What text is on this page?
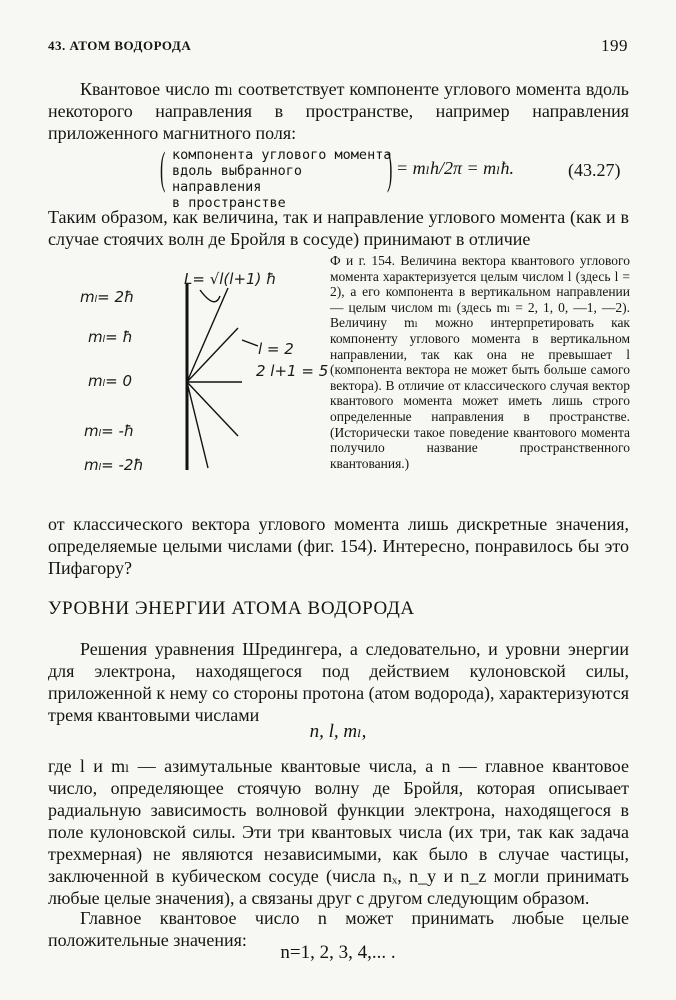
43. АТОМ ВОДОРОДА	199
Квантовое число mₗ соответствует компоненте углового момента вдоль некоторого направления в пространстве, например направления приложенного магнитного поля:
( компонента углового момента
вдоль выбранного направления
в пространстве
) = mₗh/2π = mₗħ.	(43.27)
Таким образом, как величина, так и направление углового момента (как и в случае стоячих волн де Бройля в сосуде) принимают в отличие
mₗ= 2ħ
mₗ= ħ
mₗ= 0
mₗ= -ħ
mₗ= -2ħ
L= √l(l+1) ħ
l = 2
2 l+1 = 5
Ф и г. 154. Величина вектора квантового углового момента характеризуется целым числом l (здесь l = 2), а его компонента в вертикальном направлении — целым числом mₗ (здесь mₗ = 2, 1, 0, —1, —2). Величину mₗ можно интерпретировать как компоненту углового момента в вертикальном направлении, так как она не превышает l (компонента вектора не может быть больше самого вектора). В отличие от классического случая вектор квантового момента может иметь лишь строго определенные направления в пространстве. (Исторически такое поведение квантового момента получило название пространственного квантования.)
от классического вектора углового момента лишь дискретные значения, определяемые целыми числами (фиг. 154). Интересно, понравилось бы это Пифагору?
УРОВНИ ЭНЕРГИИ АТОМА ВОДОРОДА
Решения уравнения Шредингера, а следовательно, и уровни энергии для электрона, находящегося под действием кулоновской силы, приложенной к нему со стороны протона (атом водорода), характеризуются тремя квантовыми числами
n, l, mₗ,
где l и mₗ — азимутальные квантовые числа, а n — главное квантовое число, определяющее стоячую волну де Бройля, которая описывает радиальную зависимость волновой функции электрона, находящегося в поле кулоновской силы. Эти три квантовых числа (их три, так как задача трехмерная) не являются независимыми, как было в случае частицы, заключенной в кубическом сосуде (числа nₓ, n_y и n_z могли принимать любые целые значения), а связаны друг с другом следующим образом.
Главное квантовое число n может принимать любые целые положительные значения:
n=1, 2, 3, 4,... .
